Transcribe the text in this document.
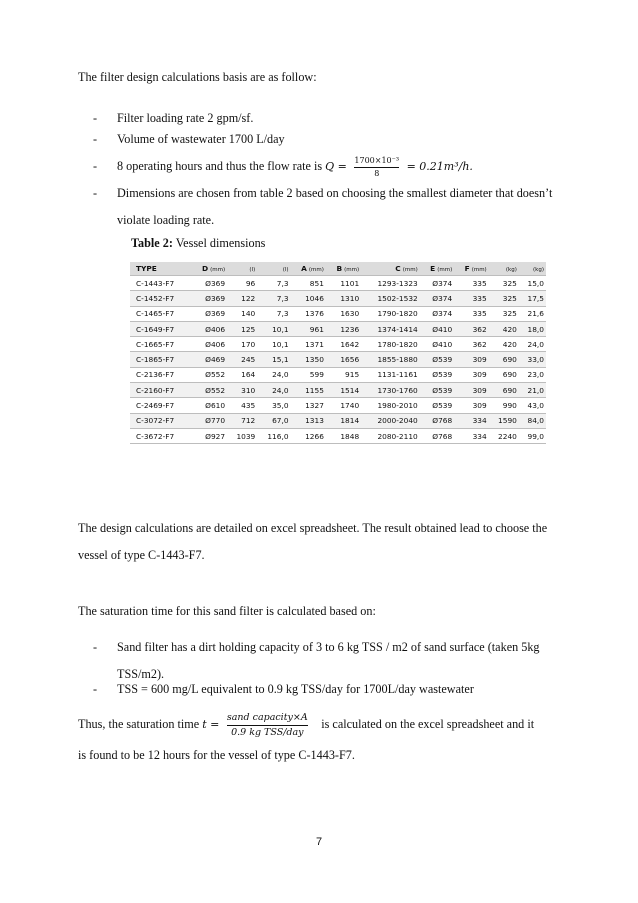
The filter design calculations basis are as follow:

- Filter loading rate 2 gpm/sf.
- Volume of wastewater 1700 L/day
- 8 operating hours and thus the flow rate is $Q = \frac{\text{1700×10⁻³}}{8} = 0.21m^3/h$.
- Dimensions are chosen from table 2 based on choosing the smallest diameter that doesn’t violate loading rate.
Table 2: Vessel dimensions
TYPE	D (mm)	(l)	(l)	A (mm)	B (mm)	C (mm)	E (mm)	F (mm)	(kg)	(kg)
C-1443-F7	Ø369	96	7,3	851	1101	1293-1323	Ø374	335	325	15,0
C-1452-F7	Ø369	122	7,3	1046	1310	1502-1532	Ø374	335	325	17,5
C-1465-F7	Ø369	140	7,3	1376	1630	1790-1820	Ø374	335	325	21,6
C-1649-F7	Ø406	125	10,1	961	1236	1374-1414	Ø410	362	420	18,0
C-1665-F7	Ø406	170	10,1	1371	1642	1780-1820	Ø410	362	420	24,0
C-1865-F7	Ø469	245	15,1	1350	1656	1855-1880	Ø539	309	690	33,0
C-2136-F7	Ø552	164	24,0	599	915	1131-1161	Ø539	309	690	23,0
C-2160-F7	Ø552	310	24,0	1155	1514	1730-1760	Ø539	309	690	21,0
C-2469-F7	Ø610	435	35,0	1327	1740	1980-2010	Ø539	309	990	43,0
C-3072-F7	Ø770	712	67,0	1313	1814	2000-2040	Ø768	334	1590	84,0
C-3672-F7	Ø927	1039	116,0	1266	1848	2080-2110	Ø768	334	2240	99,0

The design calculations are detailed on excel spreadsheet. The result obtained lead to choose the vessel of type C-1443-F7.

The saturation time for this sand filter is calculated based on:

- Sand filter has a dirt holding capacity of 3 to 6 kg TSS / m2 of sand surface (taken 5kg TSS/m2).
- TSS = 600 mg/L equivalent to 0.9 kg TSS/day for 1700L/day wastewater
Thus, the saturation time $t = \frac{\text{sand capacity×A}}{\text{0.9 kg TSS/day}}$ is calculated on the excel spreadsheet and it

is found to be 12 hours for the vessel of type C-1443-F7.

7
